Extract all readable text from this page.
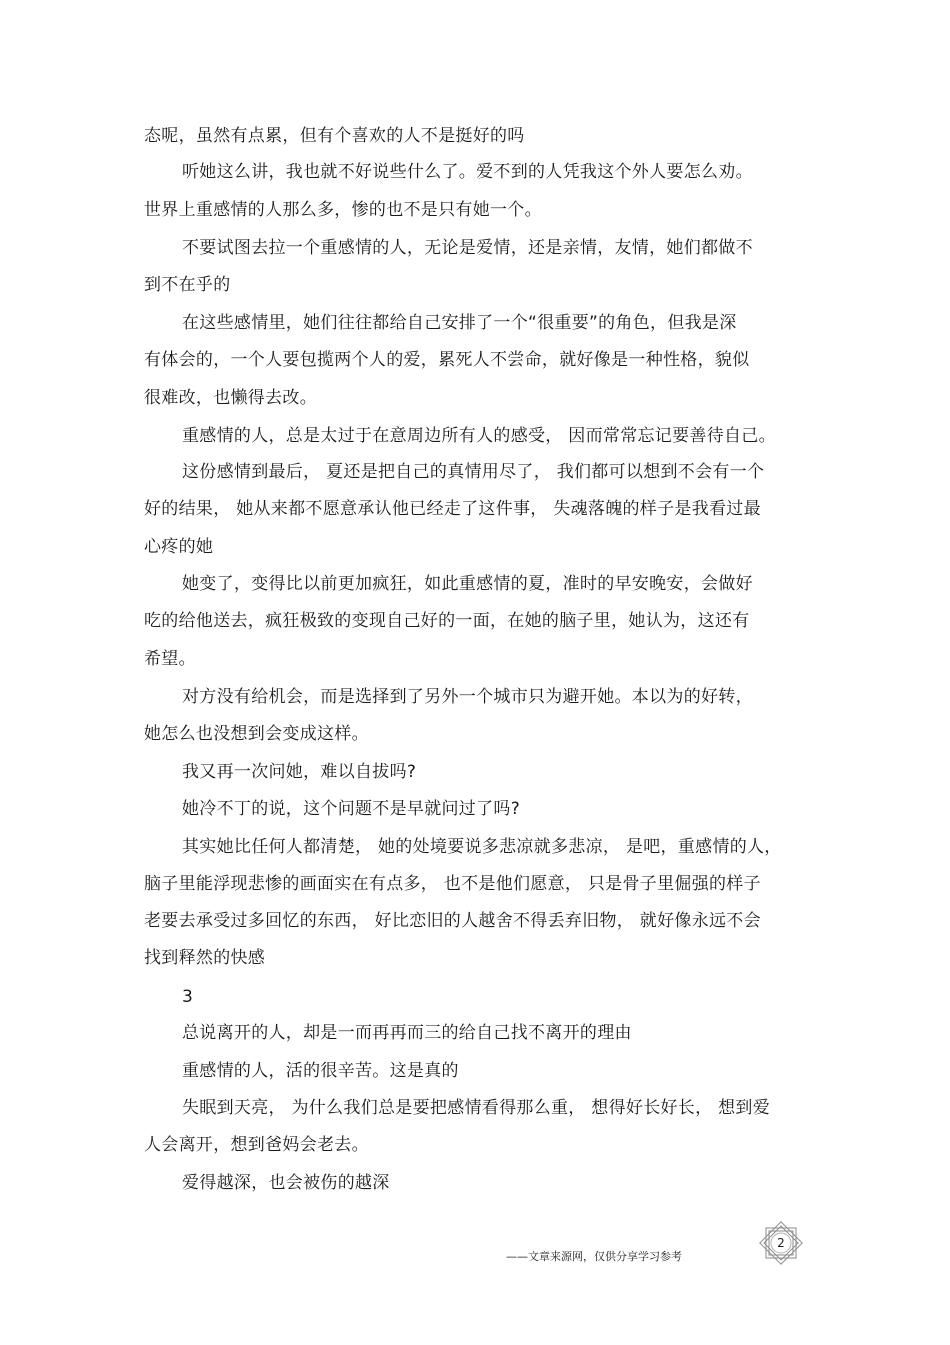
态呢，虽然有点累，但有个喜欢的人不是挺好的吗
听她这么讲，我也就不好说些什么了。爱不到的人凭我这个外人要怎么劝。
世界上重感情的人那么多，惨的也不是只有她一个。
不要试图去拉一个重感情的人，无论是爱情，还是亲情，友情，她们都做不
到不在乎的
在这些感情里，她们往往都给自己安排了一个“很重要”的角色，但我是深
有体会的，一个人要包揽两个人的爱，累死人不尝命，就好像是一种性格，貌似
很难改，也懒得去改。
重感情的人，总是太过于在意周边所有人的感受， 因而常常忘记要善待自己。
这份感情到最后， 夏还是把自己的真情用尽了， 我们都可以想到不会有一个
好的结果， 她从来都不愿意承认他已经走了这件事， 失魂落魄的样子是我看过最
心疼的她
她变了，变得比以前更加疯狂，如此重感情的夏，准时的早安晚安，会做好
吃的给他送去，疯狂极致的变现自己好的一面，在她的脑子里，她认为，这还有
希望。
对方没有给机会，而是选择到了另外一个城市只为避开她。本以为的好转，
她怎么也没想到会变成这样。
我又再一次问她，难以自拔吗?
她冷不丁的说，这个问题不是早就问过了吗?
其实她比任何人都清楚， 她的处境要说多悲凉就多悲凉， 是吧，重感情的人，
脑子里能浮现悲惨的画面实在有点多， 也不是他们愿意， 只是骨子里倔强的样子
老要去承受过多回忆的东西， 好比恋旧的人越舍不得丢弃旧物， 就好像永远不会
找到释然的快感
3
总说离开的人，却是一而再再而三的给自己找不离开的理由
重感情的人，活的很辛苦。这是真的
失眠到天亮， 为什么我们总是要把感情看得那么重， 想得好长好长， 想到爱
人会离开，想到爸妈会老去。
爱得越深，也会被伤的越深
——文章来源网，仅供分享学习参考
2
